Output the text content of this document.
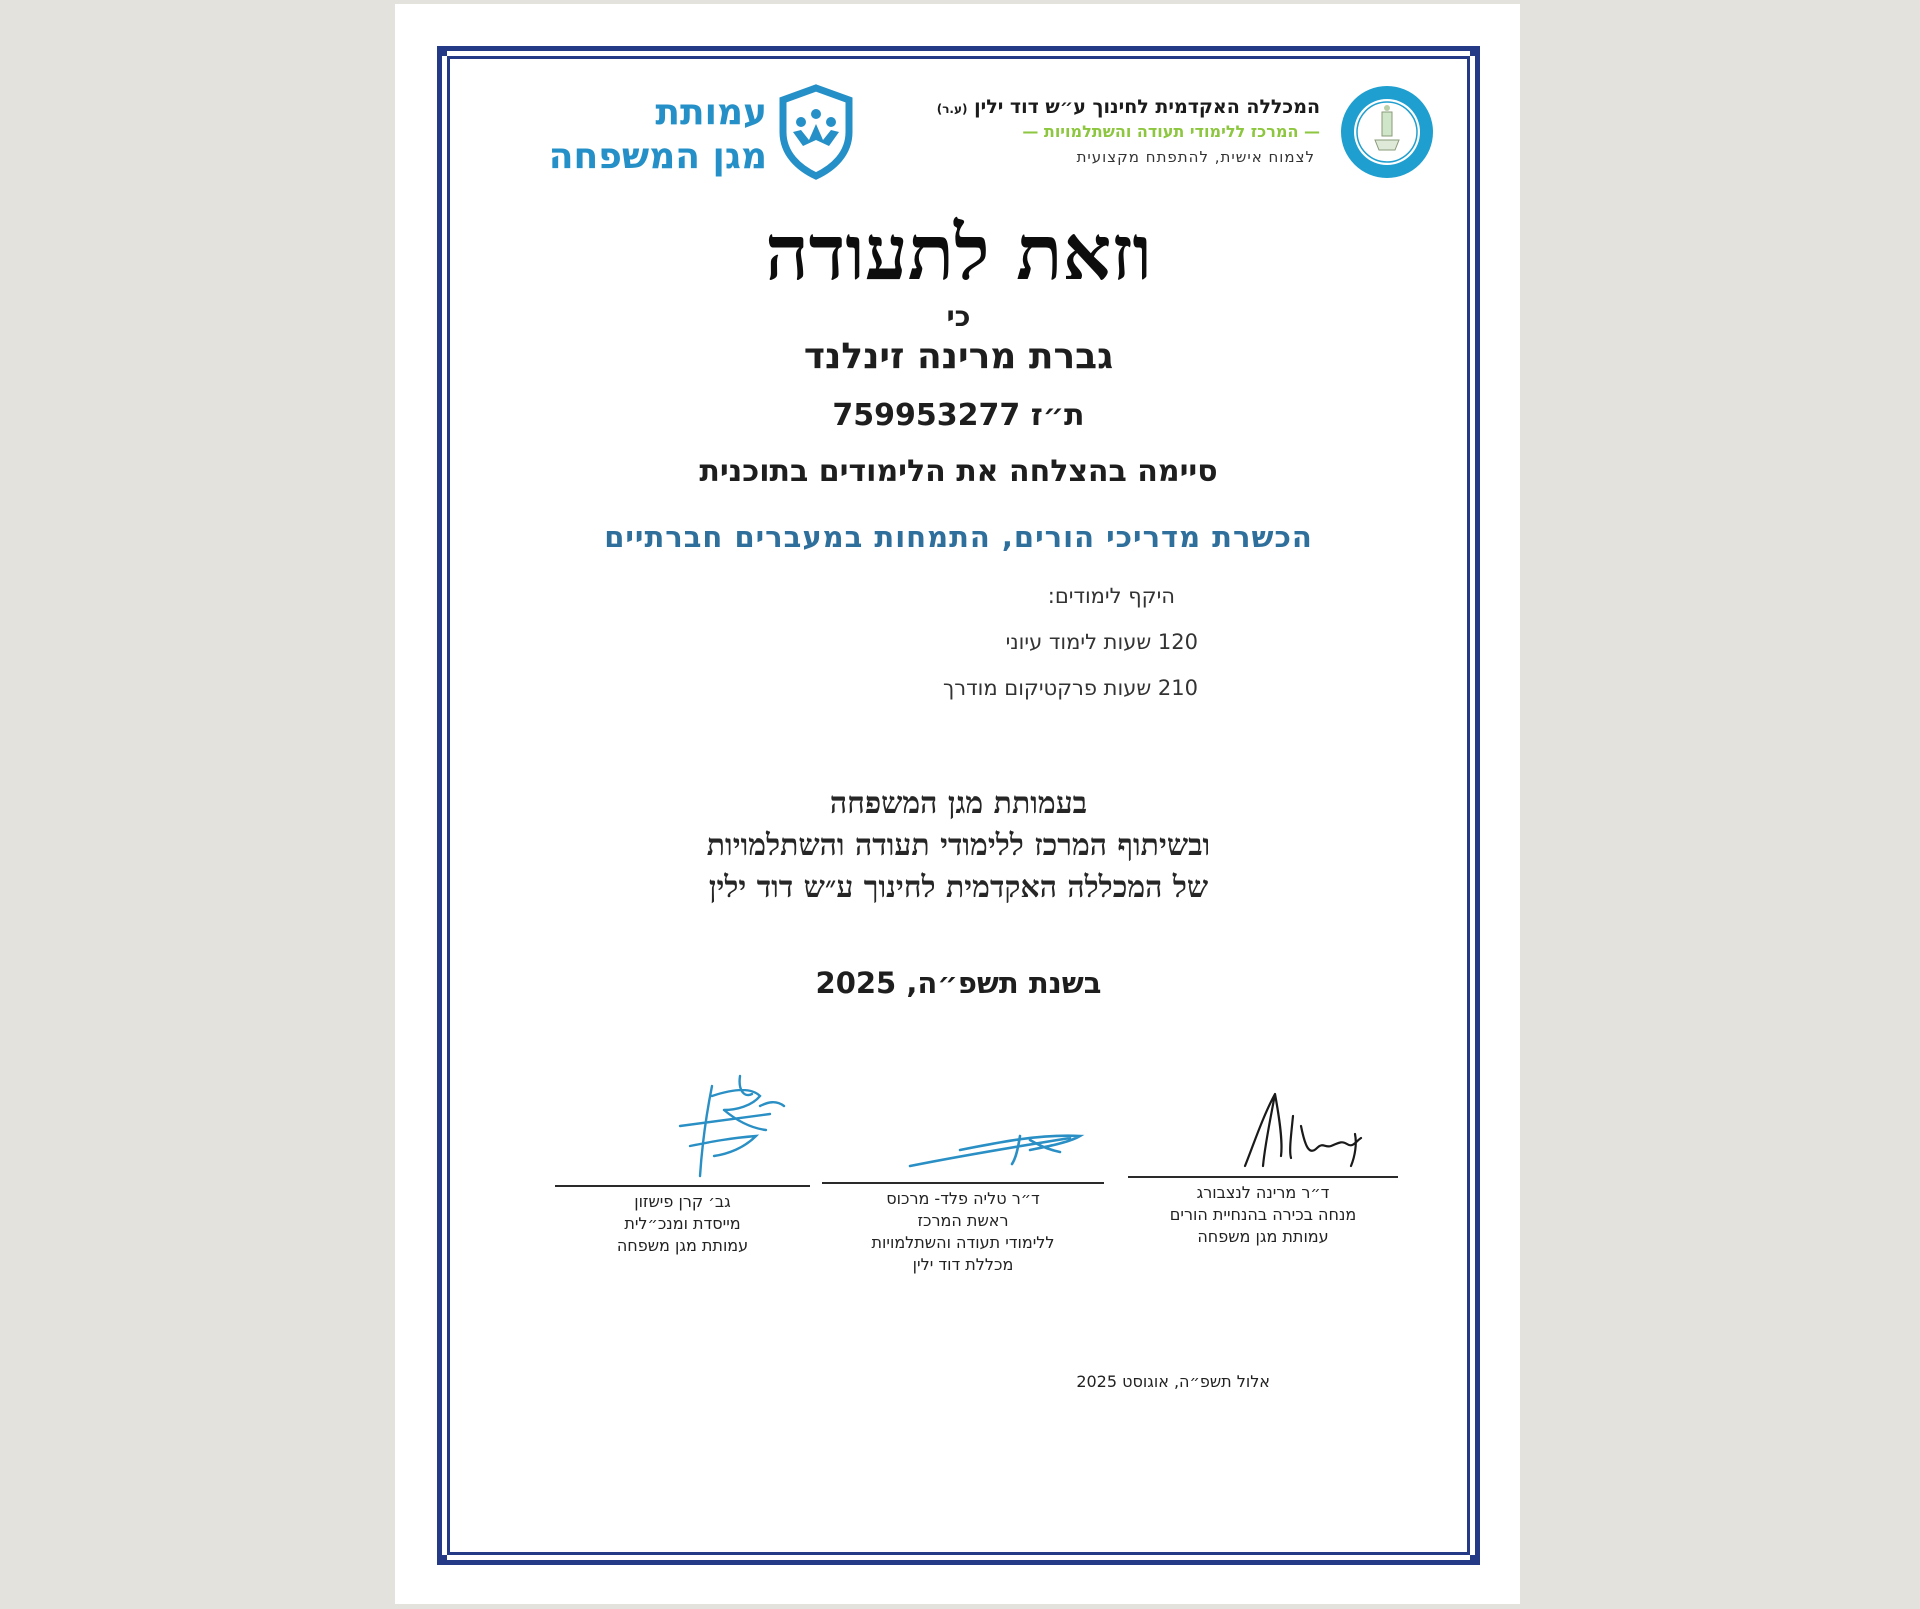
המכללה האקדמית לחינוך ע״ש דוד ילין (ע.ר)
— המרכז ללימודי תעודה והשתלמויות —
לצמוח אישית, להתפתח מקצועית
עמותת
מגן המשפחה
וזאת לתעודה
כי
גברת מרינה זינלנד
ת״ז 759953277
סיימה בהצלחה את הלימודים בתוכנית
הכשרת מדריכי הורים, התמחות במעברים חברתיים
היקף לימודים:
120 שעות לימוד עיוני
210 שעות פרקטיקום מודרך
בעמותת מגן המשפחה
ובשיתוף המרכז ללימודי תעודה והשתלמויות
של המכללה האקדמית לחינוך ע״ש דוד ילין
בשנת תשפ״ה, 2025
ד״ר מרינה לנצבורג
מנחה בכירה בהנחיית הורים
עמותת מגן משפחה
ד״ר טליה פלד- מרכוס
ראשת המרכז
ללימודי תעודה והשתלמויות
מכללת דוד ילין
גב׳ קרן פישזון
מייסדת ומנכ״לית
עמותת מגן משפחה
אלול תשפ״ה, אוגוסט 2025
